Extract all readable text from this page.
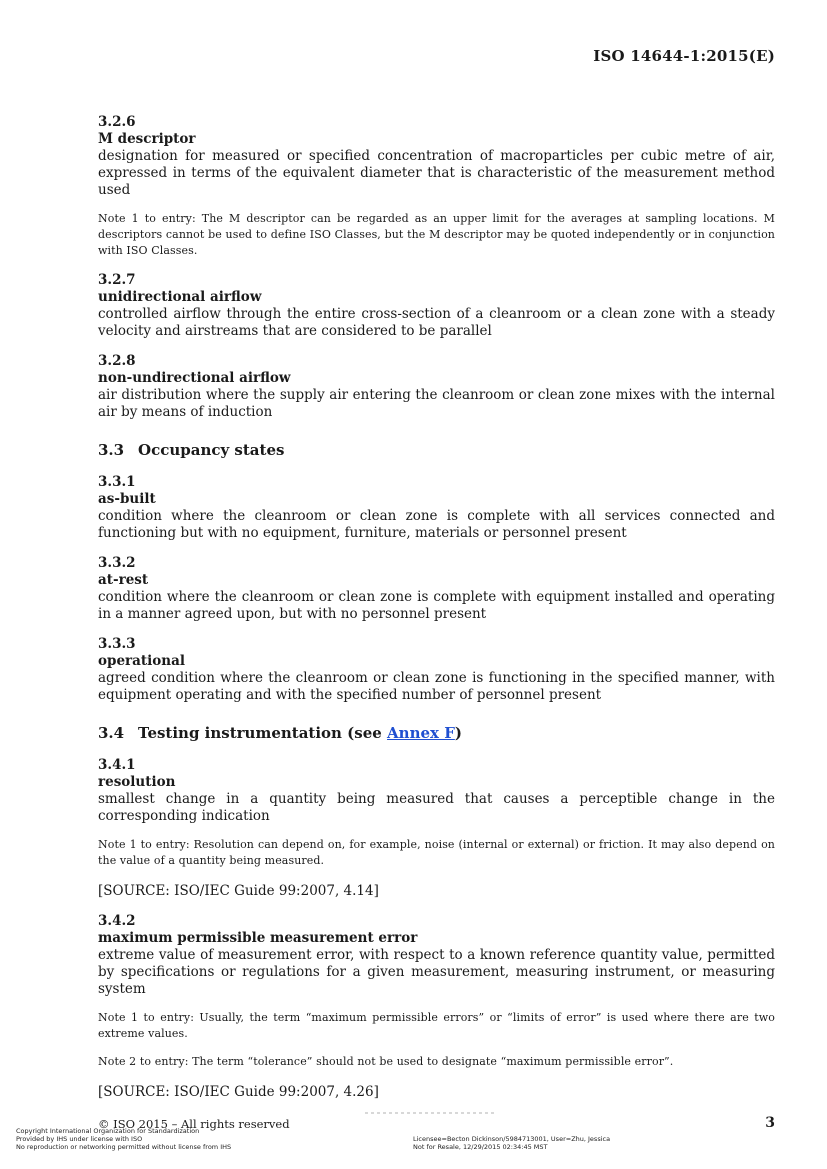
ISO 14644-1:2015(E)
3.2.6
M descriptor
designation for measured or specified concentration of macroparticles per cubic metre of air, expressed in terms of the equivalent diameter that is characteristic of the measurement method used
Note 1 to entry: The M descriptor can be regarded as an upper limit for the averages at sampling locations. M descriptors cannot be used to define ISO Classes, but the M descriptor may be quoted independently or in conjunction with ISO Classes.
3.2.7
unidirectional airflow
controlled airflow through the entire cross-section of a cleanroom or a clean zone with a steady velocity and airstreams that are considered to be parallel
3.2.8
non-undirectional airflow
air distribution where the supply air entering the cleanroom or clean zone mixes with the internal air by means of induction
3.3 Occupancy states
3.3.1
as-built
condition where the cleanroom or clean zone is complete with all services connected and functioning but with no equipment, furniture, materials or personnel present
3.3.2
at-rest
condition where the cleanroom or clean zone is complete with equipment installed and operating in a manner agreed upon, but with no personnel present
3.3.3
operational
agreed condition where the cleanroom or clean zone is functioning in the specified manner, with equipment operating and with the specified number of personnel present
3.4 Testing instrumentation (see Annex F)
3.4.1
resolution
smallest change in a quantity being measured that causes a perceptible change in the corresponding indication
Note 1 to entry: Resolution can depend on, for example, noise (internal or external) or friction. It may also depend on the value of a quantity being measured.
[SOURCE: ISO/IEC Guide 99:2007, 4.14]
3.4.2
maximum permissible measurement error
extreme value of measurement error, with respect to a known reference quantity value, permitted by specifications or regulations for a given measurement, measuring instrument, or measuring system
Note 1 to entry: Usually, the term “maximum permissible errors” or “limits of error” is used where there are two extreme values.
Note 2 to entry: The term “tolerance” should not be used to designate “maximum permissible error”.
[SOURCE: ISO/IEC Guide 99:2007, 4.26]
© ISO 2015 – All rights reserved	3
Copyright International Organization for Standardization
Provided by IHS under license with ISO
No reproduction or networking permitted without license from IHS
Licensee=Becton Dickinson/5984713001, User=Zhu, Jessica
Not for Resale, 12/29/2015 02:34:45 MST
